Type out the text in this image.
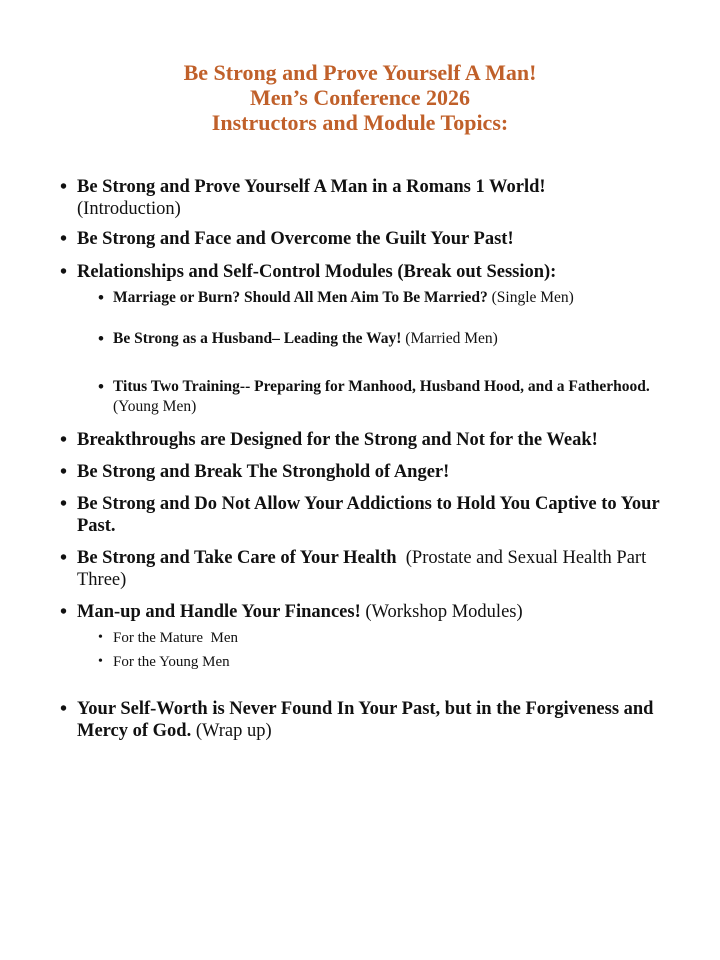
Be Strong and Prove Yourself A Man!
Men’s Conference 2026
Instructors and Module Topics:
• Be Strong and Prove Yourself A Man in a Romans 1 World!
(Introduction)
• Be Strong and Face and Overcome the Guilt Your Past!
• Relationships and Self-Control Modules (Break out Session):
• Marriage or Burn? Should All Men Aim To Be Married? (Single Men)
• Be Strong as a Husband– Leading the Way! (Married Men)
• Titus Two Training-- Preparing for Manhood, Husband Hood, and a Fatherhood. (Young Men)
• Breakthroughs are Designed for the Strong and Not for the Weak!
• Be Strong and Break The Stronghold of Anger!
• Be Strong and Do Not Allow Your Addictions to Hold You Captive to Your Past.
• Be Strong and Take Care of Your Health (Prostate and Sexual Health Part Three)
• Man-up and Handle Your Finances! (Workshop Modules)
• For the Mature  Men
• For the Young Men
• Your Self-Worth is Never Found In Your Past, but in the Forgiveness and Mercy of God. (Wrap up)
